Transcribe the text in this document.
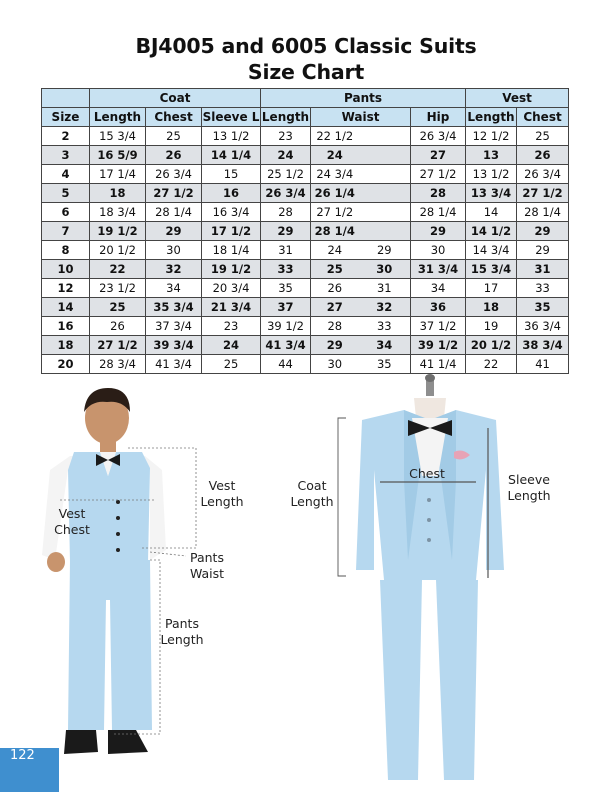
BJ4005 and 6005 Classic Suits
Size Chart
	Coat			Pants				Vest	
Size	Length	Chest	Sleeve L	Length	Waist		Hip	Length	Chest
2	15 3/4	25	13 1/2	23	22 1/2		26 3/4	12 1/2	25
3	16 5/9	26	14 1/4	24	24		27	13	26
4	17 1/4	26 3/4	15	25 1/2	24 3/4		27 1/2	13 1/2	26 3/4
5	18	27 1/2	16	26 3/4	26 1/4		28	13 3/4	27 1/2
6	18 3/4	28 1/4	16 3/4	28	27 1/2		28 1/4	14	28 1/4
7	19 1/2	29	17 1/2	29	28 1/4		29	14 1/2	29
8	20 1/2	30	18 1/4	31	24	29	30	14 3/4	29
10	22	32	19 1/2	33	25	30	31 3/4	15 3/4	31
12	23 1/2	34	20 3/4	35	26	31	34	17	33
14	25	35 3/4	21 3/4	37	27	32	36	18	35
16	26	37 3/4	23	39 1/2	28	33	37 1/2	19	36 3/4
18	27 1/2	39 3/4	24	41 3/4	29	34	39 1/2	20 1/2	38 3/4
20	28 3/4	41 3/4	25	44	30	35	41 1/4	22	41
Vest
Length
Vest
Chest
Pants
Waist
Pants
Length
Chest
Coat
Length
Sleeve
Length
122
